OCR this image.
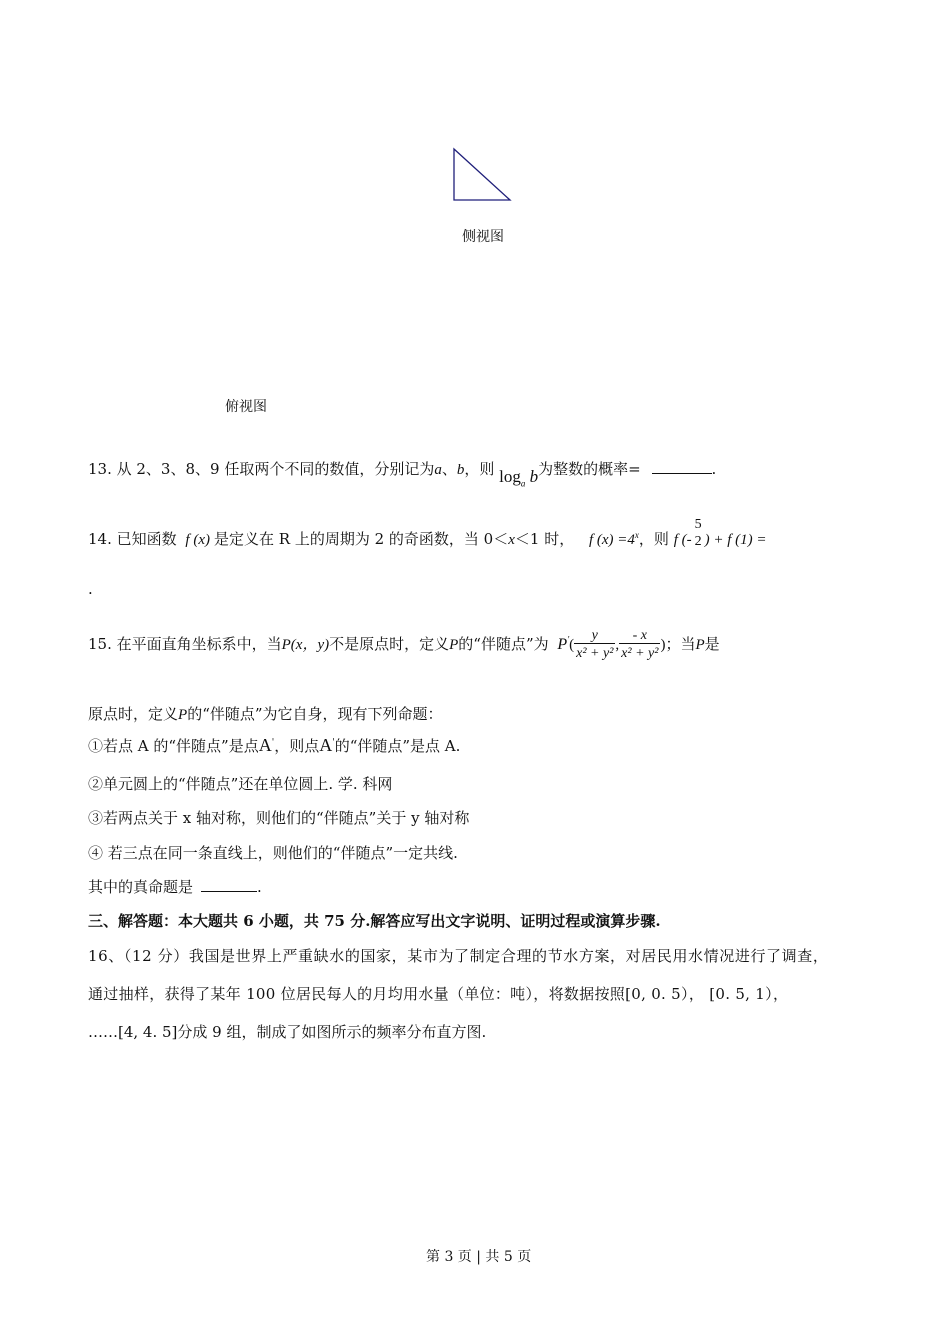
侧视图
俯视图
13. 从 2、3、8、9 任取两个不同的数值，分别记为a、b，则 $\log_a b$为整数的概率=	.
14. 已知函数 f (x) 是定义在 R 上的周期为 2 的奇函数，当 0＜x＜1 时， f $(x) =4^x$，则 f (-
5
2 ) + f (1) =
.
15. 在平面直角坐标系中，当P(x，y)不是原点时，定义P的“伴随点”为 $P'( \frac{y}{\text{x² + y²}}$ , $\frac{- x}{\text{x² + y²}}$ )；当P是
原点时，定义P的“伴随点”为它自身，现有下列命题：
①若点 A 的“伴随点”是点A'，则点A'的“伴随点”是点 A.
②单元圆上的“伴随点”还在单位圆上. 学. 科网
③若两点关于 x 轴对称，则他们的“伴随点”关于 y 轴对称
④ 若三点在同一条直线上，则他们的“伴随点”一定共线.
其中的真命题是	.
三、解答题：本大题共 6 小题，共 75 分.解答应写出文字说明、证明过程或演算步骤.
16、（12 分）我国是世界上严重缺水的国家，某市为了制定合理的节水方案，对居民用水情况进行了调查，
通过抽样，获得了某年 100 位居民每人的月均用水量（单位：吨），将数据按照[0, 0. 5）， [0. 5, 1），
……[4, 4. 5]分成 9 组，制成了如图所示的频率分布直方图.
第 3 页 | 共 5 页
